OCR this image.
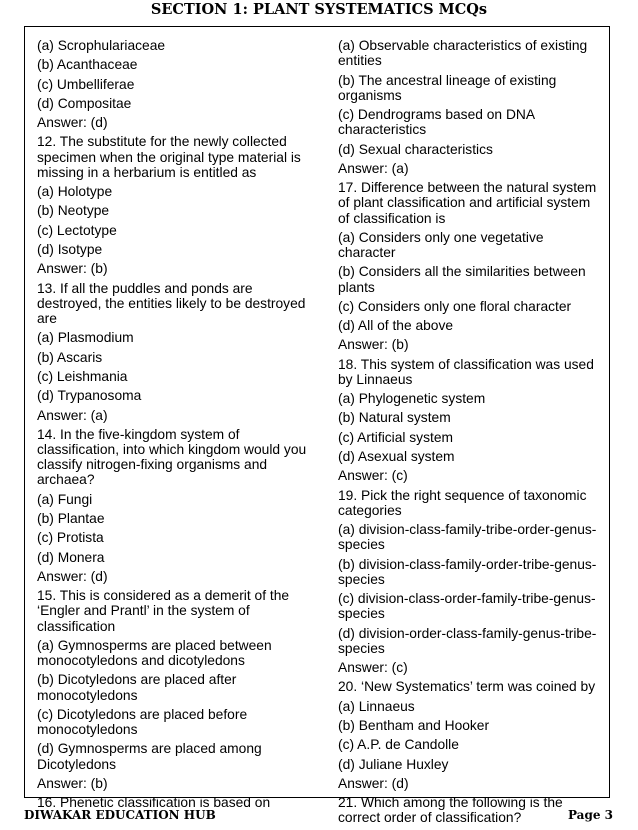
SECTION 1: PLANT SYSTEMATICS MCQs
(a) Scrophulariaceae
(b) Acanthaceae
(c) Umbelliferae
(d) Compositae
Answer: (d)
12. The substitute for the newly collected specimen when the original type material is missing in a herbarium is entitled as
(a) Holotype
(b) Neotype
(c) Lectotype
(d) Isotype
Answer: (b)
13. If all the puddles and ponds are destroyed, the entities likely to be destroyed are
(a) Plasmodium
(b) Ascaris
(c) Leishmania
(d) Trypanosoma
Answer: (a)
14. In the five-kingdom system of classification, into which kingdom would you classify nitrogen-fixing organisms and archaea?
(a) Fungi
(b) Plantae
(c) Protista
(d) Monera
Answer: (d)
15. This is considered as a demerit of the ‘Engler and Prantl’ in the system of classification
(a) Gymnosperms are placed between monocotyledons and dicotyledons
(b) Dicotyledons are placed after monocotyledons
(c) Dicotyledons are placed before monocotyledons
(d) Gymnosperms are placed among Dicotyledons
Answer: (b)
16. Phenetic classification is based on
(a) Observable characteristics of existing entities
(b) The ancestral lineage of existing organisms
(c) Dendrograms based on DNA characteristics
(d) Sexual characteristics
Answer: (a)
17. Difference between the natural system of plant classification and artificial system of classification is
(a) Considers only one vegetative character
(b) Considers all the similarities between plants
(c) Considers only one floral character
(d) All of the above
Answer: (b)
18. This system of classification was used by Linnaeus
(a) Phylogenetic system
(b) Natural system
(c) Artificial system
(d) Asexual system
Answer: (c)
19. Pick the right sequence of taxonomic categories
(a) division-class-family-tribe-order-genus-species
(b) division-class-family-order-tribe-genus-species
(c) division-class-order-family-tribe-genus-species
(d) division-order-class-family-genus-tribe-species
Answer: (c)
20. ‘New Systematics’ term was coined by
(a) Linnaeus
(b) Bentham and Hooker
(c) A.P. de Candolle
(d) Juliane Huxley
Answer: (d)
21. Which among the following is the correct order of classification?
DIWAKAR EDUCATION HUB	Page 3
